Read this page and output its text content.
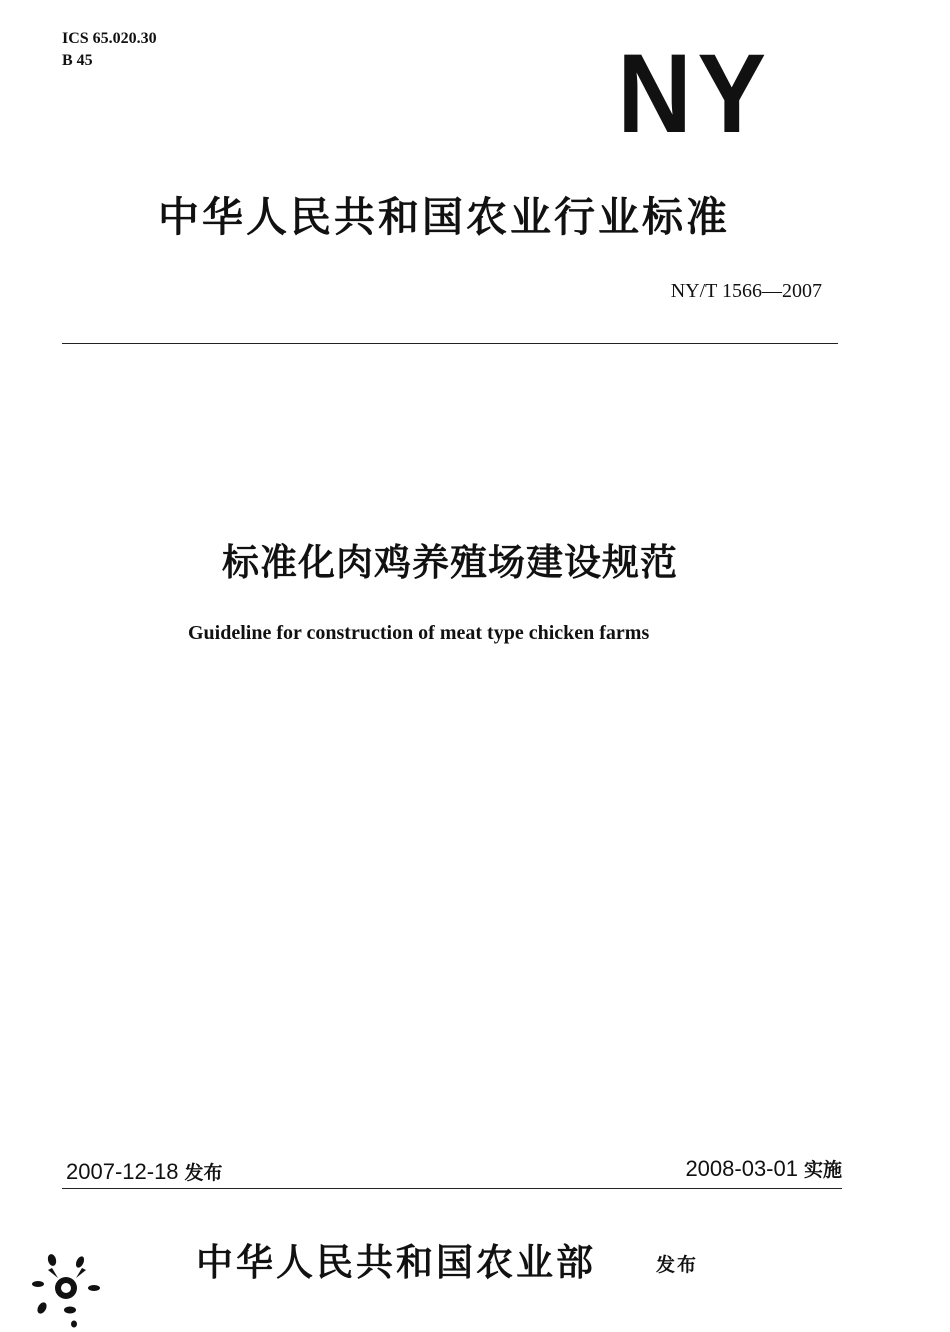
ICS 65.020.30
B 45	NY
中华人民共和国农业行业标准
NY/T 1566—2007
标准化肉鸡养殖场建设规范
Guideline for construction of meat type chicken farms
2007-12-18 发布	2008-03-01 实施
中华人民共和国农业部	发布
